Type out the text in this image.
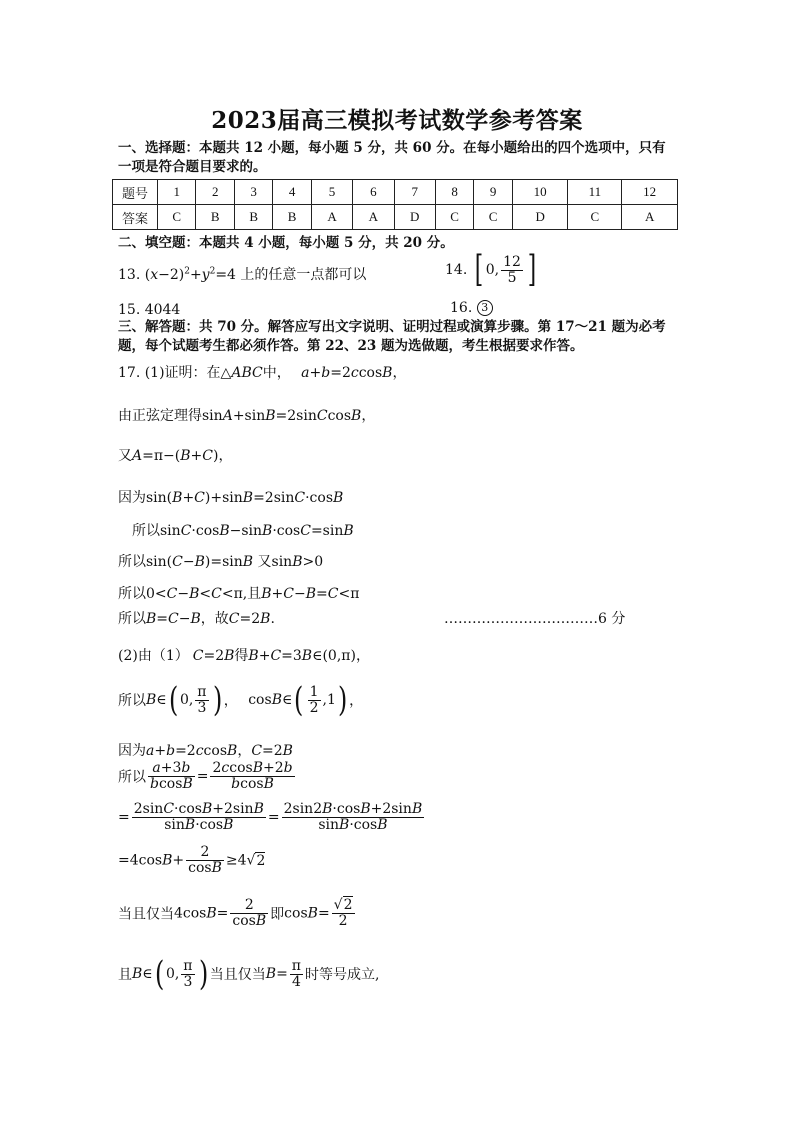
2023届高三模拟考试数学参考答案
一、选择题：本题共 12 小题，每小题 5 分，共 60 分。在每小题给出的四个选项中，只有一项是符合题目要求的。
题号	1	2	3	4	5	6	7	8	9	10	11	12
答案	C	B	B	B	A	A	D	C	C	D	C	A
二、填空题：本题共 4 小题，每小题 5 分，共 20 分。
13. $(x-2)^2+y^2=4$ 上的任意一点都可以	14. [ 0, $\frac{12}{5}$ ]
15. 4044	16. 3
三、解答题：共 70 分。解答应写出文字说明、证明过程或演算步骤。第 17～21 题为必考题，每个试题考生都必须作答。第 22、23 题为选做题，考生根据要求作答。
17. (1)证明：在△ABC中， a+b=2ccosB，
由正弦定理得sinA+sinB=2sinCcosB，
又A=π−(B+C)，
因为sin(B+C)+sinB=2sinC·cosB
所以sinC·cosB−sinB·cosC=sinB
所以sin(C−B)=sinB 又sinB>0
所以0<C−B<C<π,且B+C−B=C<π
所以B=C−B，故C=2B.	……………………………6 分
(2)由（1） C=2B得B+C=3B∈(0,π)，
所以B∈( 0, $\frac{\pi}{3}$ ) ， cosB∈( $\frac{1}{2} ,1$) ，
因为a+b=2ccosB，C=2B
所以 $\frac{a+3b}{bcosB} = \frac{2ccosB+2b}{bcosB}$
= $\frac{2\sin C\cdot\cos B+2\sin B}{\sin B\cdot\cos B} = \frac{2\sin 2B\cdot\cos B+2\sin B}{\sin B\cdot\cos B}$
$=4\cos B+ \frac{2}{\cos B} \ge 4√2$
当且仅当$4\cos B= \frac{2}{\cos B}$ 即$\cos B= \frac{√2}{2}$
且B∈( 0, $\frac{\pi}{3}$ ) 当且仅当$B= \frac{\pi}{4}$ 时等号成立,
